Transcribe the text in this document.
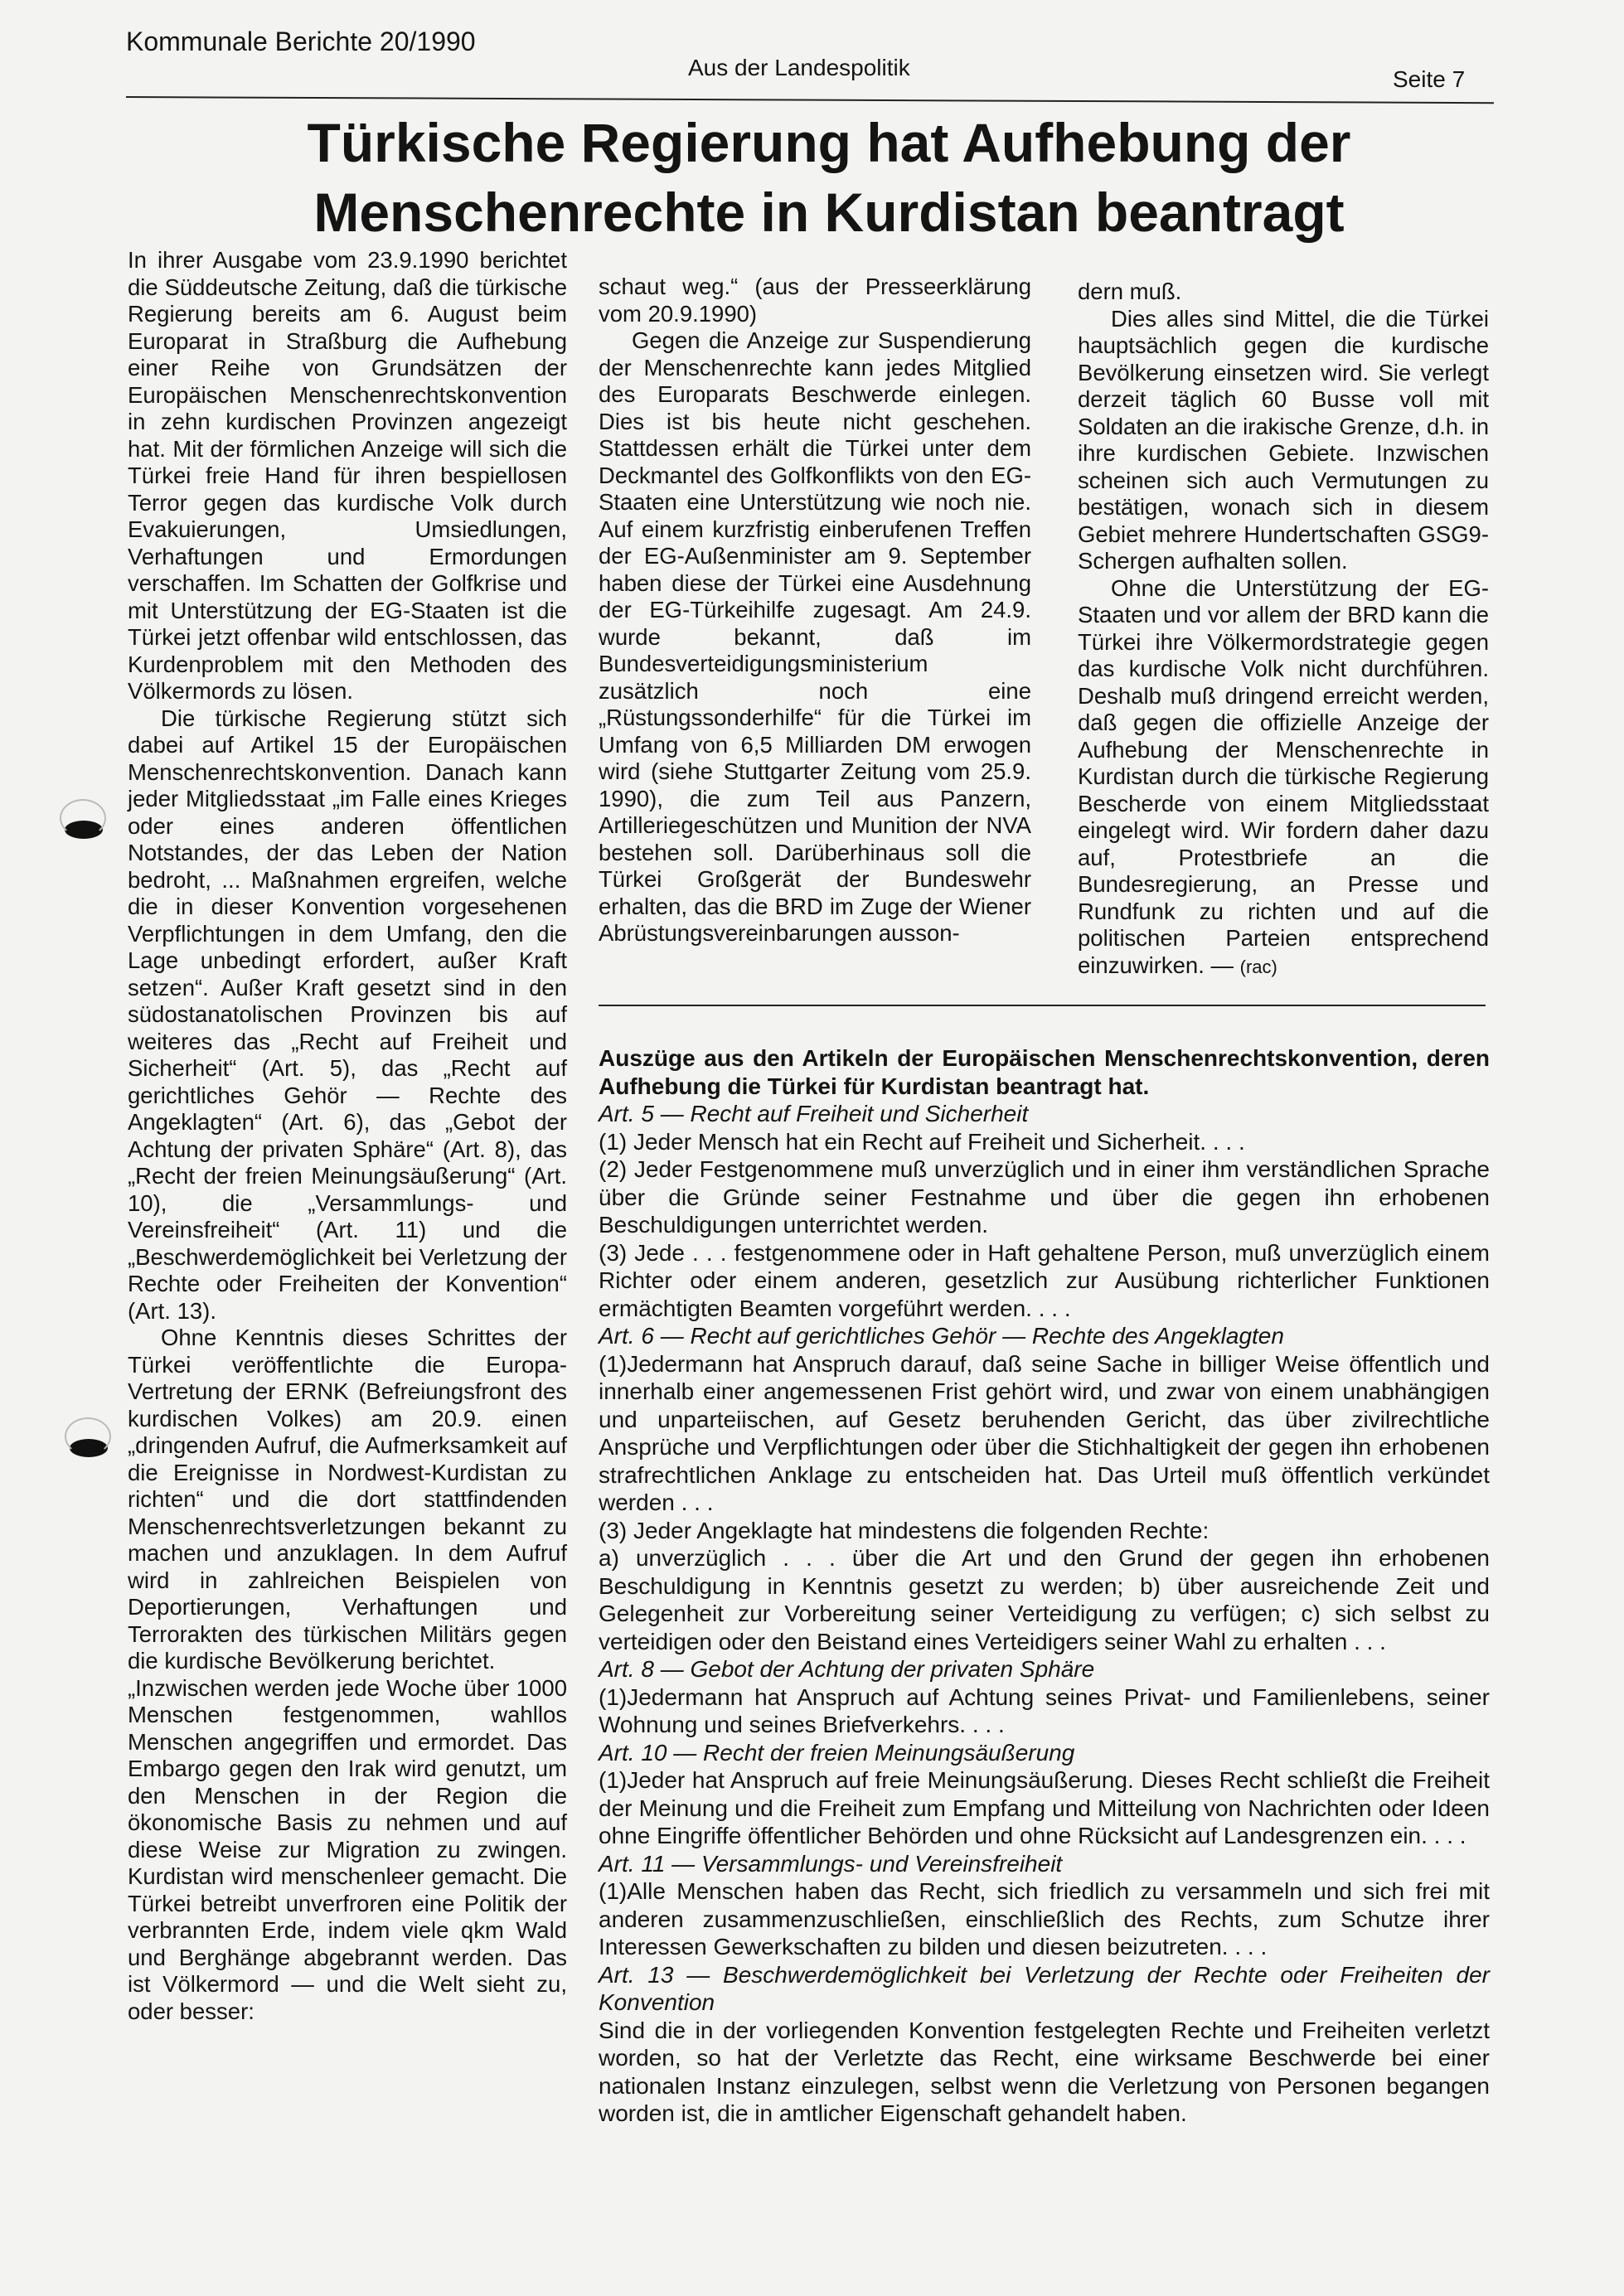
Kommunale Berichte 20/1990
Aus der Landespolitik	Seite 7
Türkische Regierung hat Aufhebung der Menschenrechte in Kurdistan beantragt

In ihrer Ausgabe vom 23.9.1990 berichtet die Süddeutsche Zeitung, daß die türkische Regierung bereits am 6. August beim Europarat in Straßburg die Aufhebung einer Reihe von Grundsätzen der Europäischen Menschenrechtskonvention in zehn kurdischen Provinzen angezeigt hat. Mit der förmlichen Anzeige will sich die Türkei freie Hand für ihren bespiellosen Terror gegen das kurdische Volk durch Evakuierungen, Umsiedlungen, Verhaftungen und Ermordungen verschaffen. Im Schatten der Golfkrise und mit Unterstützung der EG-Staaten ist die Türkei jetzt offenbar wild entschlossen, das Kurdenproblem mit den Methoden des Völkermords zu lösen.

Die türkische Regierung stützt sich dabei auf Artikel 15 der Europäischen Menschenrechtskonvention. Danach kann jeder Mitgliedsstaat „im Falle eines Krieges oder eines anderen öffentlichen Notstandes, der das Leben der Nation bedroht, ... Maßnahmen ergreifen, welche die in dieser Konvention vorgesehenen Verpflichtungen in dem Umfang, den die Lage unbedingt erfordert, außer Kraft setzen“. Außer Kraft gesetzt sind in den südostanatolischen Provinzen bis auf weiteres das „Recht auf Freiheit und Sicherheit“ (Art. 5), das „Recht auf gerichtliches Gehör — Rechte des Angeklagten“ (Art. 6), das „Gebot der Achtung der privaten Sphäre“ (Art. 8), das „Recht der freien Meinungsäußerung“ (Art. 10), die „Versammlungs- und Vereinsfreiheit“ (Art. 11) und die „Beschwerdemöglichkeit bei Verletzung der Rechte oder Freiheiten der Konvention“ (Art. 13).

Ohne Kenntnis dieses Schrittes der Türkei veröffentlichte die Europa-Vertretung der ERNK (Befreiungsfront des kurdischen Volkes) am 20.9. einen „dringenden Aufruf, die Aufmerksamkeit auf die Ereignisse in Nordwest-Kurdistan zu richten“ und die dort stattfindenden Menschenrechtsverletzungen bekannt zu machen und anzuklagen. In dem Aufruf wird in zahlreichen Beispielen von Deportierungen, Verhaftungen und Terrorakten des türkischen Militärs gegen die kurdische Bevölkerung berichtet.

„Inzwischen werden jede Woche über 1000 Menschen festgenommen, wahllos Menschen angegriffen und ermordet. Das Embargo gegen den Irak wird genutzt, um den Menschen in der Region die ökonomische Basis zu nehmen und auf diese Weise zur Migration zu zwingen. Kurdistan wird menschenleer gemacht. Die Türkei betreibt unverfroren eine Politik der verbrannten Erde, indem viele qkm Wald und Berghänge abgebrannt werden. Das ist Völkermord — und die Welt sieht zu, oder besser:

schaut weg.“ (aus der Presseerklärung vom 20.9.1990)

Gegen die Anzeige zur Suspendierung der Menschenrechte kann jedes Mitglied des Europarats Beschwerde einlegen. Dies ist bis heute nicht geschehen. Stattdessen erhält die Türkei unter dem Deckmantel des Golfkonflikts von den EG-Staaten eine Unterstützung wie noch nie. Auf einem kurzfristig einberufenen Treffen der EG-Außenminister am 9. September haben diese der Türkei eine Ausdehnung der EG-Türkeihilfe zugesagt. Am 24.9. wurde bekannt, daß im Bundesverteidigungsministerium zusätzlich noch eine „Rüstungssonderhilfe“ für die Türkei im Umfang von 6,5 Milliarden DM erwogen wird (siehe Stuttgarter Zeitung vom 25.9. 1990), die zum Teil aus Panzern, Artilleriegeschützen und Munition der NVA bestehen soll. Darüberhinaus soll die Türkei Großgerät der Bundeswehr erhalten, das die BRD im Zuge der Wiener Abrüstungsvereinbarungen ausson-

dern muß.

Dies alles sind Mittel, die die Türkei hauptsächlich gegen die kurdische Bevölkerung einsetzen wird. Sie verlegt derzeit täglich 60 Busse voll mit Soldaten an die irakische Grenze, d.h. in ihre kurdischen Gebiete. Inzwischen scheinen sich auch Vermutungen zu bestätigen, wonach sich in diesem Gebiet mehrere Hundertschaften GSG9-Schergen aufhalten sollen.

Ohne die Unterstützung der EG-Staaten und vor allem der BRD kann die Türkei ihre Völkermordstrategie gegen das kurdische Volk nicht durchführen. Deshalb muß dringend erreicht werden, daß gegen die offizielle Anzeige der Aufhebung der Menschenrechte in Kurdistan durch die türkische Regierung Bescherde von einem Mitgliedsstaat eingelegt wird. Wir fordern daher dazu auf, Protestbriefe an die Bundesregierung, an Presse und Rundfunk zu richten und auf die politischen Parteien entsprechend einzuwirken. — (rac)

Auszüge aus den Artikeln der Europäischen Menschenrechtskonvention, deren Aufhebung die Türkei für Kurdistan beantragt hat.

Art. 5 — Recht auf Freiheit und Sicherheit

(1) Jeder Mensch hat ein Recht auf Freiheit und Sicherheit. . . .

(2) Jeder Festgenommene muß unverzüglich und in einer ihm verständlichen Sprache über die Gründe seiner Festnahme und über die gegen ihn erhobenen Beschuldigungen unterrichtet werden.

(3) Jede . . . festgenommene oder in Haft gehaltene Person, muß unverzüglich einem Richter oder einem anderen, gesetzlich zur Ausübung richterlicher Funktionen ermächtigten Beamten vorgeführt werden. . . .

Art. 6 — Recht auf gerichtliches Gehör — Rechte des Angeklagten

(1)Jedermann hat Anspruch darauf, daß seine Sache in billiger Weise öffentlich und innerhalb einer angemessenen Frist gehört wird, und zwar von einem unabhängigen und unparteiischen, auf Gesetz beruhenden Gericht, das über zivilrechtliche Ansprüche und Verpflichtungen oder über die Stichhaltigkeit der gegen ihn erhobenen strafrechtlichen Anklage zu entscheiden hat. Das Urteil muß öffentlich verkündet werden . . .

(3) Jeder Angeklagte hat mindestens die folgenden Rechte:

a) unverzüglich . . . über die Art und den Grund der gegen ihn erhobenen Beschuldigung in Kenntnis gesetzt zu werden; b) über ausreichende Zeit und Gelegenheit zur Vorbereitung seiner Verteidigung zu verfügen; c) sich selbst zu verteidigen oder den Beistand eines Verteidigers seiner Wahl zu erhalten . . .

Art. 8 — Gebot der Achtung der privaten Sphäre

(1)Jedermann hat Anspruch auf Achtung seines Privat- und Familienlebens, seiner Wohnung und seines Briefverkehrs. . . .

Art. 10 — Recht der freien Meinungsäußerung

(1)Jeder hat Anspruch auf freie Meinungsäußerung. Dieses Recht schließt die Freiheit der Meinung und die Freiheit zum Empfang und Mitteilung von Nachrichten oder Ideen ohne Eingriffe öffentlicher Behörden und ohne Rücksicht auf Landesgrenzen ein. . . .

Art. 11 — Versammlungs- und Vereinsfreiheit

(1)Alle Menschen haben das Recht, sich friedlich zu versammeln und sich frei mit anderen zusammenzuschließen, einschließlich des Rechts, zum Schutze ihrer Interessen Gewerkschaften zu bilden und diesen beizutreten. . . .

Art. 13 — Beschwerdemöglichkeit bei Verletzung der Rechte oder Freiheiten der Konvention

Sind die in der vorliegenden Konvention festgelegten Rechte und Freiheiten verletzt worden, so hat der Verletzte das Recht, eine wirksame Beschwerde bei einer nationalen Instanz einzulegen, selbst wenn die Verletzung von Personen begangen worden ist, die in amtlicher Eigenschaft gehandelt haben.
